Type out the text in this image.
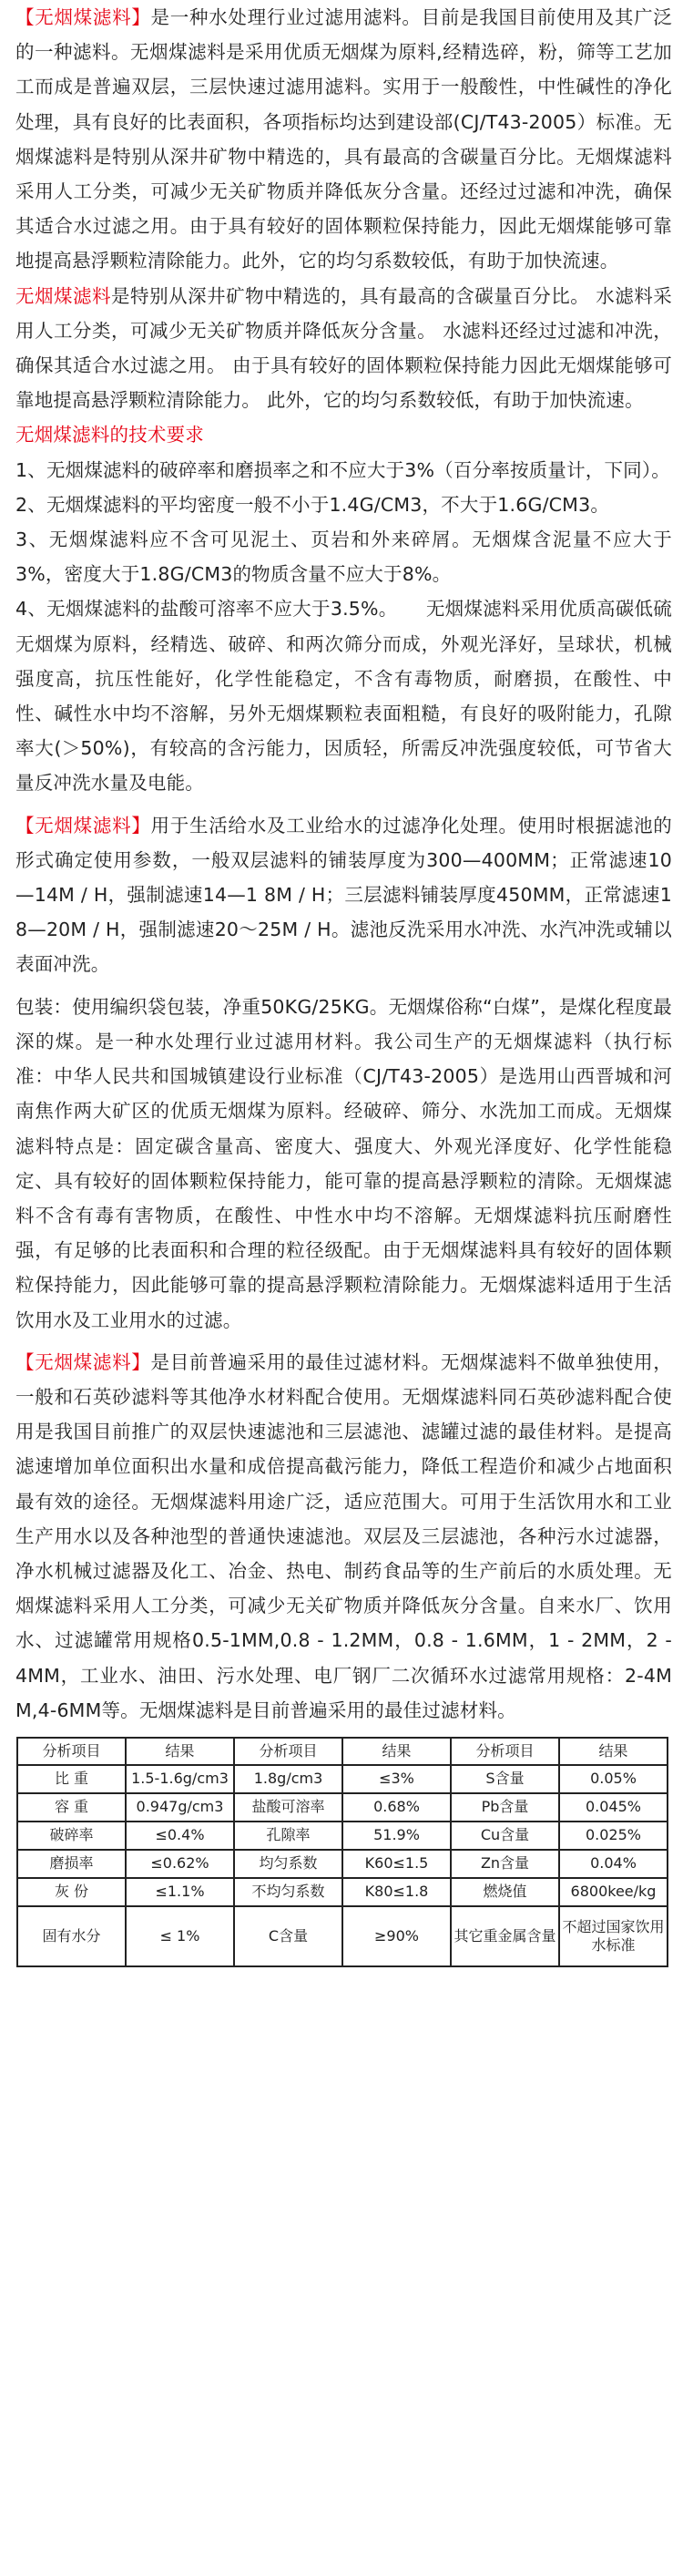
【无烟煤滤料】是一种水处理行业过滤用滤料。目前是我国目前使用及其广泛的一种滤料。无烟煤滤料是采用优质无烟煤为原料,经精选碎，粉，筛等工艺加工而成是普遍双层，三层快速过滤用滤料。实用于一般酸性，中性碱性的净化处理，具有良好的比表面积，各项指标均达到建设部(CJ/T43-2005）标准。无烟煤滤料是特别从深井矿物中精选的，具有最高的含碳量百分比。无烟煤滤料采用人工分类，可减少无关矿物质并降低灰分含量。还经过过滤和冲洗，确保其适合水过滤之用。由于具有较好的固体颗粒保持能力，因此无烟煤能够可靠地提高悬浮颗粒清除能力。此外，它的均匀系数较低，有助于加快流速。

无烟煤滤料是特别从深井矿物中精选的，具有最高的含碳量百分比。 水滤料采用人工分类，可减少无关矿物质并降低灰分含量。 水滤料还经过过滤和冲洗，确保其适合水过滤之用。 由于具有较好的固体颗粒保持能力因此无烟煤能够可靠地提高悬浮颗粒清除能力。 此外，它的均匀系数较低，有助于加快流速。

无烟煤滤料的技术要求

1、无烟煤滤料的破碎率和磨损率之和不应大于3%（百分率按质量计，下同）。

2、无烟煤滤料的平均密度一般不小于1.4G/CM3，不大于1.6G/CM3。

3、无烟煤滤料应不含可见泥土、页岩和外来碎屑。无烟煤含泥量不应大于3%，密度大于1.8G/CM3的物质含量不应大于8%。

4、无烟煤滤料的盐酸可溶率不应大于3.5%。　　无烟煤滤料采用优质高碳低硫无烟煤为原料，经精选、破碎、和两次筛分而成，外观光泽好，呈球状，机械强度高，抗压性能好，化学性能稳定，不含有毒物质，耐磨损，在酸性、中性、碱性水中均不溶解，另外无烟煤颗粒表面粗糙，有良好的吸附能力，孔隙率大(＞50%)，有较高的含污能力，因质轻，所需反冲洗强度较低，可节省大量反冲洗水量及电能。

【无烟煤滤料】用于生活给水及工业给水的过滤净化处理。使用时根据滤池的形式确定使用参数，一般双层滤料的铺装厚度为300—400MM；正常滤速10—14M / H，强制滤速14—1 8M / H；三层滤料铺装厚度450MM，正常滤速18—20M / H，强制滤速20～25M / H。滤池反洗采用水冲洗、水汽冲洗或辅以表面冲洗。

包装：使用编织袋包装，净重50KG/25KG。无烟煤俗称“白煤”，是煤化程度最深的煤。是一种水处理行业过滤用材料。我公司生产的无烟煤滤料（执行标准：中华人民共和国城镇建设行业标准（CJ/T43-2005）是选用山西晋城和河南焦作两大矿区的优质无烟煤为原料。经破碎、筛分、水洗加工而成。无烟煤滤料特点是：固定碳含量高、密度大、强度大、外观光泽度好、化学性能稳定、具有较好的固体颗粒保持能力，能可靠的提高悬浮颗粒的清除。无烟煤滤料不含有毒有害物质，在酸性、中性水中均不溶解。无烟煤滤料抗压耐磨性强，有足够的比表面积和合理的粒径级配。由于无烟煤滤料具有较好的固体颗粒保持能力，因此能够可靠的提高悬浮颗粒清除能力。无烟煤滤料适用于生活饮用水及工业用水的过滤。

【无烟煤滤料】是目前普遍采用的最佳过滤材料。无烟煤滤料不做单独使用，一般和石英砂滤料等其他净水材料配合使用。无烟煤滤料同石英砂滤料配合使用是我国目前推广的双层快速滤池和三层滤池、滤罐过滤的最佳材料。是提高滤速增加单位面积出水量和成倍提高截污能力，降低工程造价和减少占地面积最有效的途径。无烟煤滤料用途广泛，适应范围大。可用于生活饮用水和工业生产用水以及各种池型的普通快速滤池。双层及三层滤池，各种污水过滤器，净水机械过滤器及化工、冶金、热电、制药食品等的生产前后的水质处理。无烟煤滤料采用人工分类，可减少无关矿物质并降低灰分含量。自来水厂、饮用水、过滤罐常用规格0.5-1MM,0.8 - 1.2MM，0.8 - 1.6MM，1 - 2MM，2 - 4MM，工业水、油田、污水处理、电厂钢厂二次循环水过滤常用规格：2-4MM,4-6MM等。无烟煤滤料是目前普遍采用的最佳过滤材料。

分析项目	结果	分析项目	结果	分析项目	结果
比 重	1.5-1.6g/cm3	1.8g/cm3	≤3%	S含量	0.05%
容 重	0.947g/cm3	盐酸可溶率	0.68%	Pb含量	0.045%
破碎率	≤0.4%	孔隙率	51.9%	Cu含量	0.025%
磨损率	≤0.62%	均匀系数	K60≤1.5	Zn含量	0.04%
灰 份	≤1.1%	不均匀系数	K80≤1.8	燃烧值	6800kee/kg
固有水分	≤ 1%	C含量	≥90%	其它重金属含量	不超过国家饮用水标准
